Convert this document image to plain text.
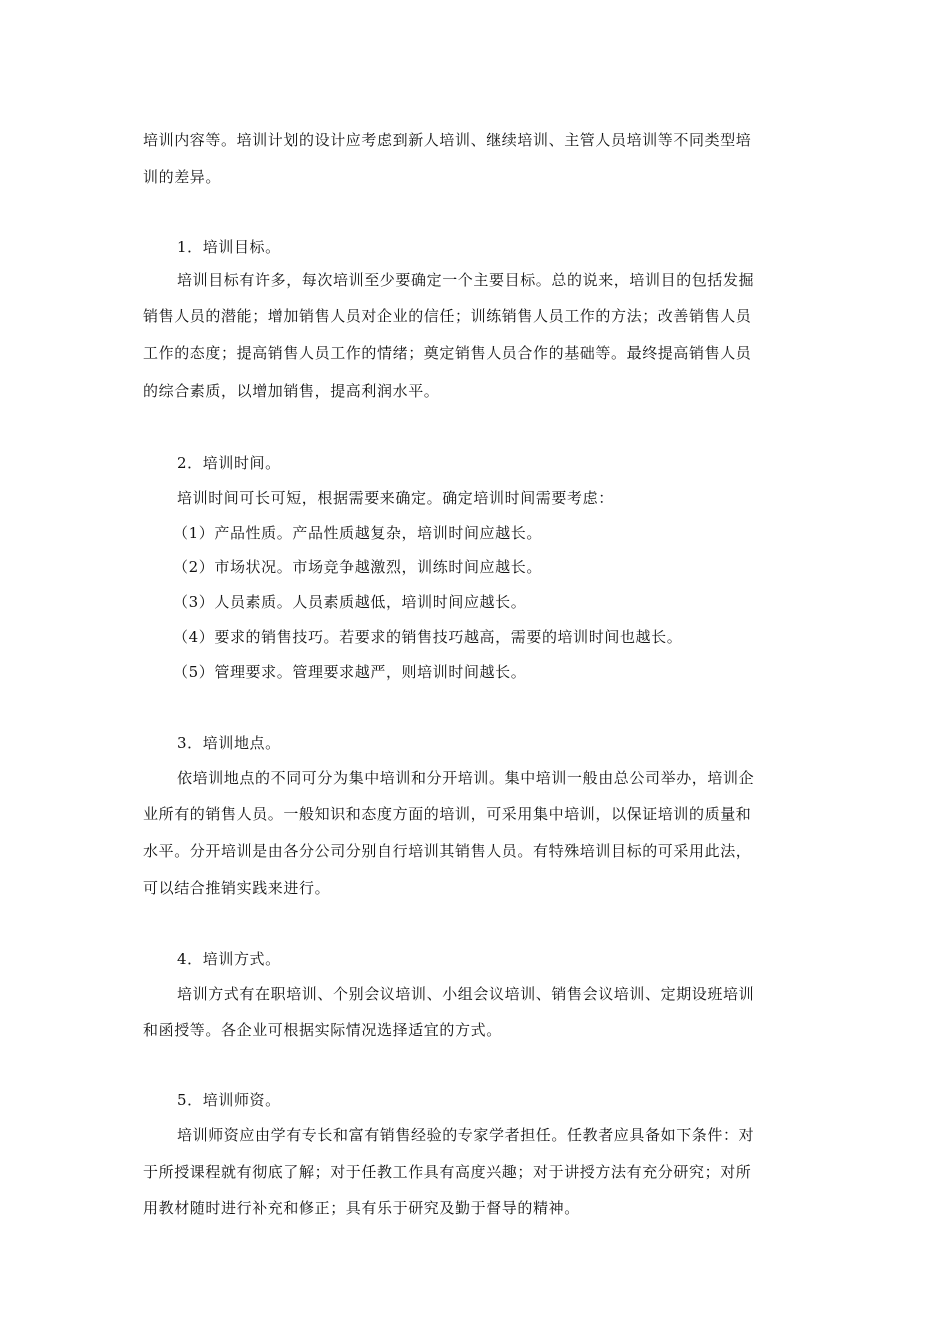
培训内容等。培训计划的设计应考虑到新人培训、继续培训、主管人员培训等不同类型培
训的差异。
1．培训目标。
培训目标有许多，每次培训至少要确定一个主要目标。总的说来，培训目的包括发掘
销售人员的潜能；增加销售人员对企业的信任；训练销售人员工作的方法；改善销售人员
工作的态度；提高销售人员工作的情绪；奠定销售人员合作的基础等。最终提高销售人员
的综合素质，以增加销售，提高利润水平。
2．培训时间。
培训时间可长可短，根据需要来确定。确定培训时间需要考虑：
（1）产品性质。产品性质越复杂，培训时间应越长。
（2）市场状况。市场竞争越激烈，训练时间应越长。
（3）人员素质。人员素质越低，培训时间应越长。
（4）要求的销售技巧。若要求的销售技巧越高，需要的培训时间也越长。
（5）管理要求。管理要求越严，则培训时间越长。
3．培训地点。
依培训地点的不同可分为集中培训和分开培训。集中培训一般由总公司举办，培训企
业所有的销售人员。一般知识和态度方面的培训，可采用集中培训，以保证培训的质量和
水平。分开培训是由各分公司分别自行培训其销售人员。有特殊培训目标的可采用此法，
可以结合推销实践来进行。
4．培训方式。
培训方式有在职培训、个别会议培训、小组会议培训、销售会议培训、定期设班培训
和函授等。各企业可根据实际情况选择适宜的方式。
5．培训师资。
培训师资应由学有专长和富有销售经验的专家学者担任。任教者应具备如下条件：对
于所授课程就有彻底了解；对于任教工作具有高度兴趣；对于讲授方法有充分研究；对所
用教材随时进行补充和修正；具有乐于研究及勤于督导的精神。
